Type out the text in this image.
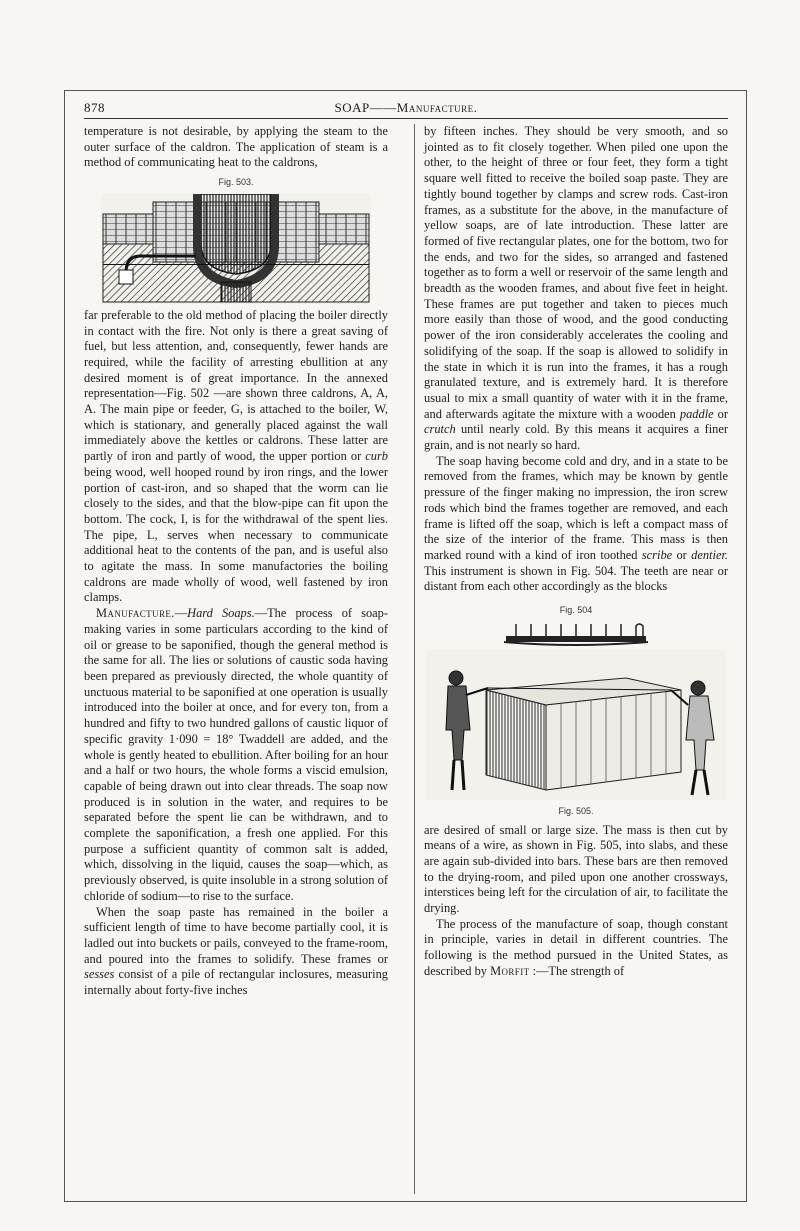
878	SOAP——Manufacture.

temperature is not desirable, by applying the steam to the outer surface of the caldron. The application of steam is a method of communicating heat to the caldrons,

Fig. 503.

far preferable to the old method of placing the boiler directly in contact with the fire. Not only is there a great saving of fuel, but less attention, and, consequently, fewer hands are required, while the facility of arresting ebullition at any desired moment is of great importance. In the annexed representation—Fig. 502 —are shown three caldrons, A, A, A. The main pipe or feeder, G, is attached to the boiler, W, which is stationary, and generally placed against the wall immediately above the kettles or caldrons. These latter are partly of iron and partly of wood, the upper portion or curb being wood, well hooped round by iron rings, and the lower portion of cast-iron, and so shaped that the worm can lie closely to the sides, and that the blow-pipe can fit upon the bottom. The cock, I, is for the withdrawal of the spent lies. The pipe, L, serves when necessary to communicate additional heat to the contents of the pan, and is useful also to agitate the mass. In some manufactories the boiling caldrons are made wholly of wood, well fastened by iron clamps.

Manufacture.—Hard Soaps.—The process of soap-making varies in some particulars according to the kind of oil or grease to be saponified, though the general method is the same for all. The lies or solutions of caustic soda having been prepared as previously directed, the whole quantity of unctuous material to be saponified at one operation is usually introduced into the boiler at once, and for every ton, from a hundred and fifty to two hundred gallons of caustic liquor of specific gravity 1·090 = 18° Twaddell are added, and the whole is gently heated to ebullition. After boiling for an hour and a half or two hours, the whole forms a viscid emulsion, capable of being drawn out into clear threads. The soap now produced is in solution in the water, and requires to be separated before the spent lie can be withdrawn, and to complete the saponification, a fresh one applied. For this purpose a sufficient quantity of common salt is added, which, dissolving in the liquid, causes the soap—which, as previously observed, is quite insoluble in a strong solution of chloride of sodium—to rise to the surface.

When the soap paste has remained in the boiler a sufficient length of time to have become partially cool, it is ladled out into buckets or pails, conveyed to the frame-room, and poured into the frames to solidify. These frames or sesses consist of a pile of rectangular inclosures, measuring internally about forty-five inches

by fifteen inches. They should be very smooth, and so jointed as to fit closely together. When piled one upon the other, to the height of three or four feet, they form a tight square well fitted to receive the boiled soap paste. They are tightly bound together by clamps and screw rods. Cast-iron frames, as a substitute for the above, in the manufacture of yellow soaps, are of late introduction. These latter are formed of five rectangular plates, one for the bottom, two for the ends, and two for the sides, so arranged and fastened together as to form a well or reservoir of the same length and breadth as the wooden frames, and about five feet in height. These frames are put together and taken to pieces much more easily than those of wood, and the good conducting power of the iron considerably accelerates the cooling and solidifying of the soap. If the soap is allowed to solidify in the state in which it is run into the frames, it has a rough granulated texture, and is extremely hard. It is therefore usual to mix a small quantity of water with it in the frame, and afterwards agitate the mixture with a wooden paddle or crutch until nearly cold. By this means it acquires a finer grain, and is not nearly so hard.

The soap having become cold and dry, and in a state to be removed from the frames, which may be known by gentle pressure of the finger making no impression, the iron screw rods which bind the frames together are removed, and each frame is lifted off the soap, which is left a compact mass of the size of the interior of the frame. This mass is then marked round with a kind of iron toothed scribe or dentier. This instrument is shown in Fig. 504. The teeth are near or distant from each other accordingly as the blocks

Fig. 504
Fig. 505.

are desired of small or large size. The mass is then cut by means of a wire, as shown in Fig. 505, into slabs, and these are again sub-divided into bars. These bars are then removed to the drying-room, and piled upon one another crossways, interstices being left for the circulation of air, to facilitate the drying.

The process of the manufacture of soap, though constant in principle, varies in detail in different countries. The following is the method pursued in the United States, as described by Morfit :—The strength of
